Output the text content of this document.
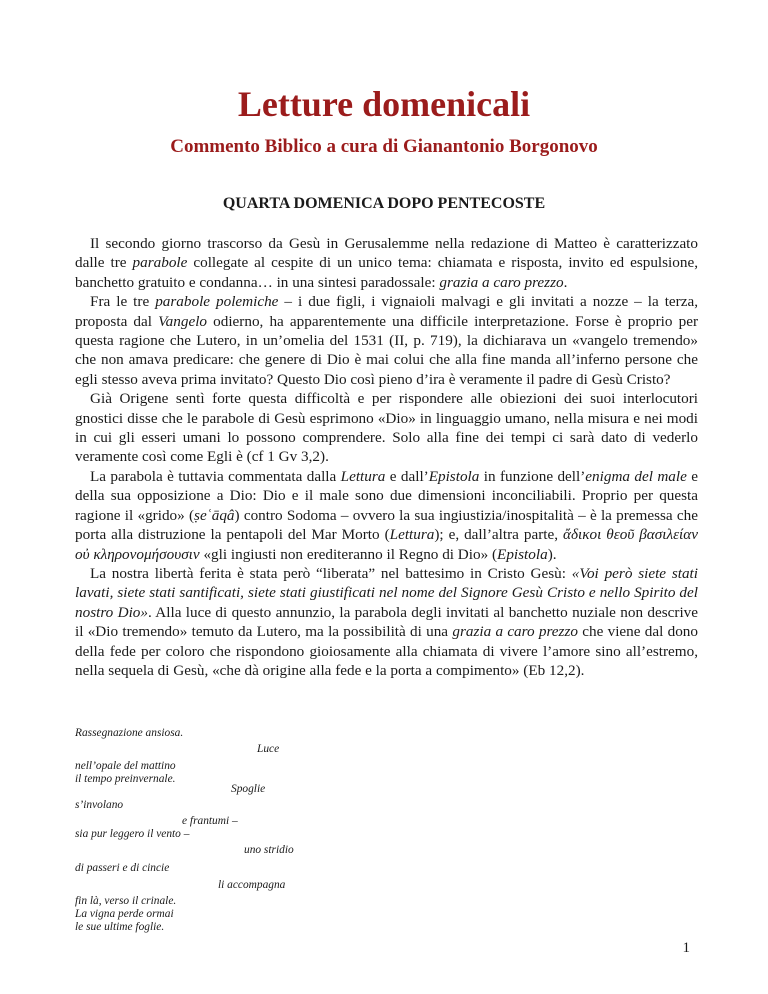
Letture domenicali
Commento Biblico a cura di Gianantonio Borgonovo
QUARTA DOMENICA DOPO PENTECOSTE

Il secondo giorno trascorso da Gesù in Gerusalemme nella redazione di Matteo è caratterizzato dalle tre parabole collegate al cespite di un unico tema: chiamata e risposta, invito ed espulsione, banchetto gratuito e condanna… in una sintesi paradossale: grazia a caro prezzo.

Fra le tre parabole polemiche – i due figli, i vignaioli malvagi e gli invitati a nozze – la terza, proposta dal Vangelo odierno, ha apparentemente una difficile interpretazione. Forse è proprio per questa ragione che Lutero, in un’omelia del 1531 (II, p. 719), la dichiarava un «vangelo tremendo» che non amava predicare: che genere di Dio è mai colui che alla fine manda all’inferno persone che egli stesso aveva prima invitato? Questo Dio così pieno d’ira è veramente il padre di Gesù Cristo?

Già Origene sentì forte questa difficoltà e per rispondere alle obiezioni dei suoi interlocutori gnostici disse che le parabole di Gesù esprimono «Dio» in linguaggio umano, nella misura e nei modi in cui gli esseri umani lo possono comprendere. Solo alla fine dei tempi ci sarà dato di vederlo veramente così come Egli è (cf 1 Gv 3,2).

La parabola è tuttavia commentata dalla Lettura e dall’Epistola in funzione dell’enigma del male e della sua opposizione a Dio: Dio e il male sono due dimensioni inconciliabili. Proprio per questa ragione il «grido» (ṣeʿāqâ) contro Sodoma – ovvero la sua ingiustizia/inospitalità – è la premessa che porta alla distruzione la pentapoli del Mar Morto (Lettura); e, dall’altra parte, ἄδικοι θεοῦ βασιλείαν οὐ κληρονομήσουσιν «gli ingiusti non erediteranno il Regno di Dio» (Epistola).

La nostra libertà ferita è stata però “liberata” nel battesimo in Cristo Gesù: «Voi però siete stati lavati, siete stati santificati, siete stati giustificati nel nome del Signore Gesù Cristo e nello Spirito del nostro Dio». Alla luce di questo annunzio, la parabola degli invitati al banchetto nuziale non descrive il «Dio tremendo» temuto da Lutero, ma la possibilità di una grazia a caro prezzo che viene dal dono della fede per coloro che rispondono gioiosamente alla chiamata di vivere l’amore sino all’estremo, nella sequela di Gesù, «che dà origine alla fede e la porta a compimento» (Eb 12,2).

Rassegnazione ansiosa.
Luce
nell’opale del mattino
il tempo preinvernale.
Spoglie
s’involano
e frantumi –
sia pur leggero il vento –
uno stridio
di passeri e di cincie
li accompagna
fin là, verso il crinale.
La vigna perde ormai
le sue ultime foglie.
1
